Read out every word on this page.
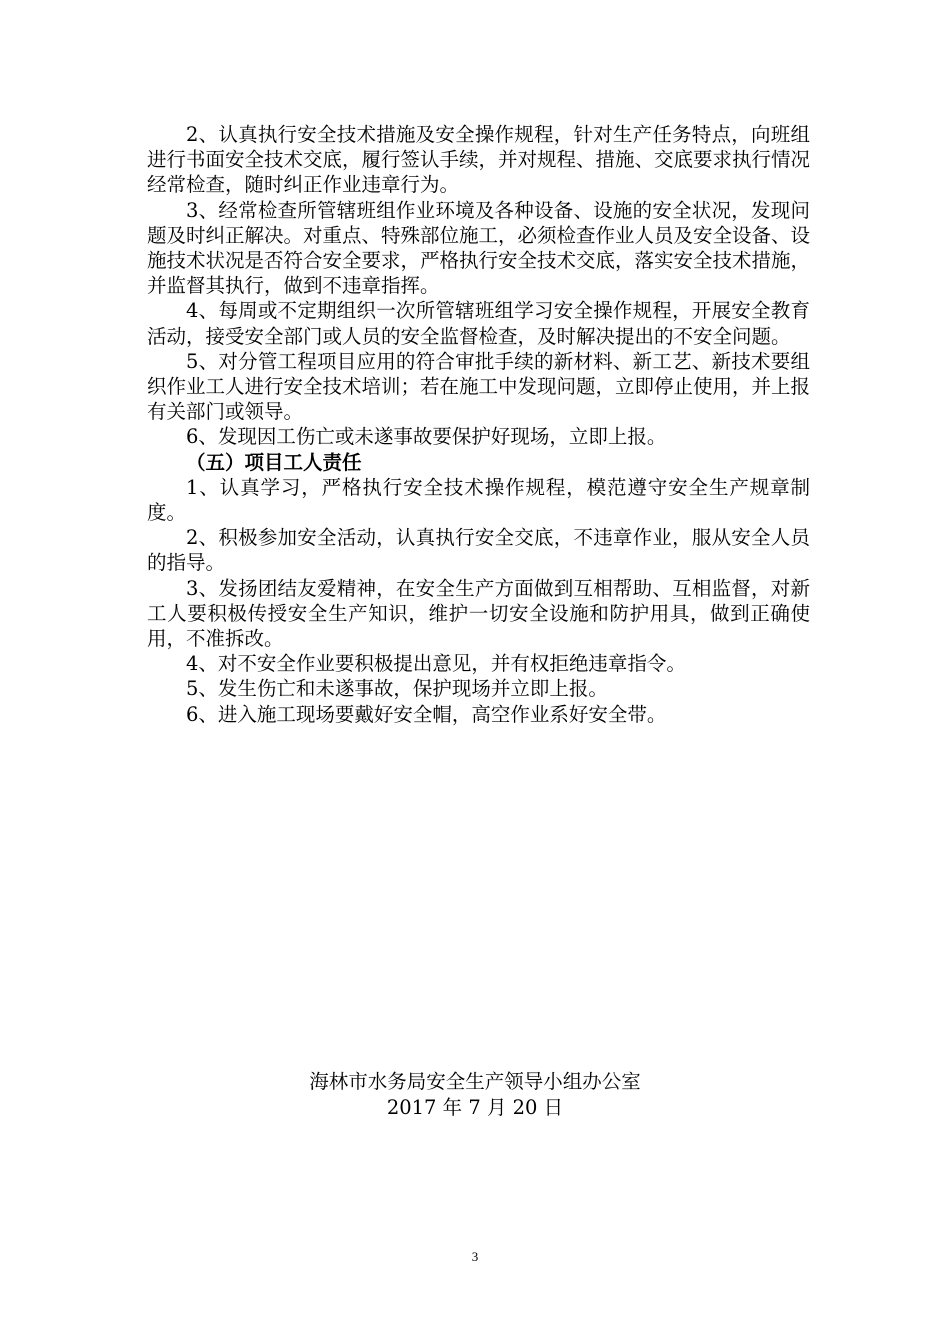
2、认真执行安全技术措施及安全操作规程，针对生产任务特点，向班组进行书面安全技术交底，履行签认手续，并对规程、措施、交底要求执行情况经常检查，随时纠正作业违章行为。

3、经常检查所管辖班组作业环境及各种设备、设施的安全状况，发现问题及时纠正解决。对重点、特殊部位施工，必须检查作业人员及安全设备、设施技术状况是否符合安全要求，严格执行安全技术交底，落实安全技术措施，并监督其执行，做到不违章指挥。

4、每周或不定期组织一次所管辖班组学习安全操作规程，开展安全教育活动，接受安全部门或人员的安全监督检查，及时解决提出的不安全问题。

5、对分管工程项目应用的符合审批手续的新材料、新工艺、新技术要组织作业工人进行安全技术培训；若在施工中发现问题，立即停止使用，并上报有关部门或领导。

6、发现因工伤亡或未遂事故要保护好现场，立即上报。

（五）项目工人责任

1、认真学习，严格执行安全技术操作规程，模范遵守安全生产规章制度。

2、积极参加安全活动，认真执行安全交底，不违章作业，服从安全人员的指导。

3、发扬团结友爱精神，在安全生产方面做到互相帮助、互相监督，对新工人要积极传授安全生产知识，维护一切安全设施和防护用具，做到正确使用，不准拆改。

4、对不安全作业要积极提出意见，并有权拒绝违章指令。

5、发生伤亡和未遂事故，保护现场并立即上报。

6、进入施工现场要戴好安全帽，高空作业系好安全带。

海林市水务局安全生产领导小组办公室
2017 年 7 月 20 日
3
